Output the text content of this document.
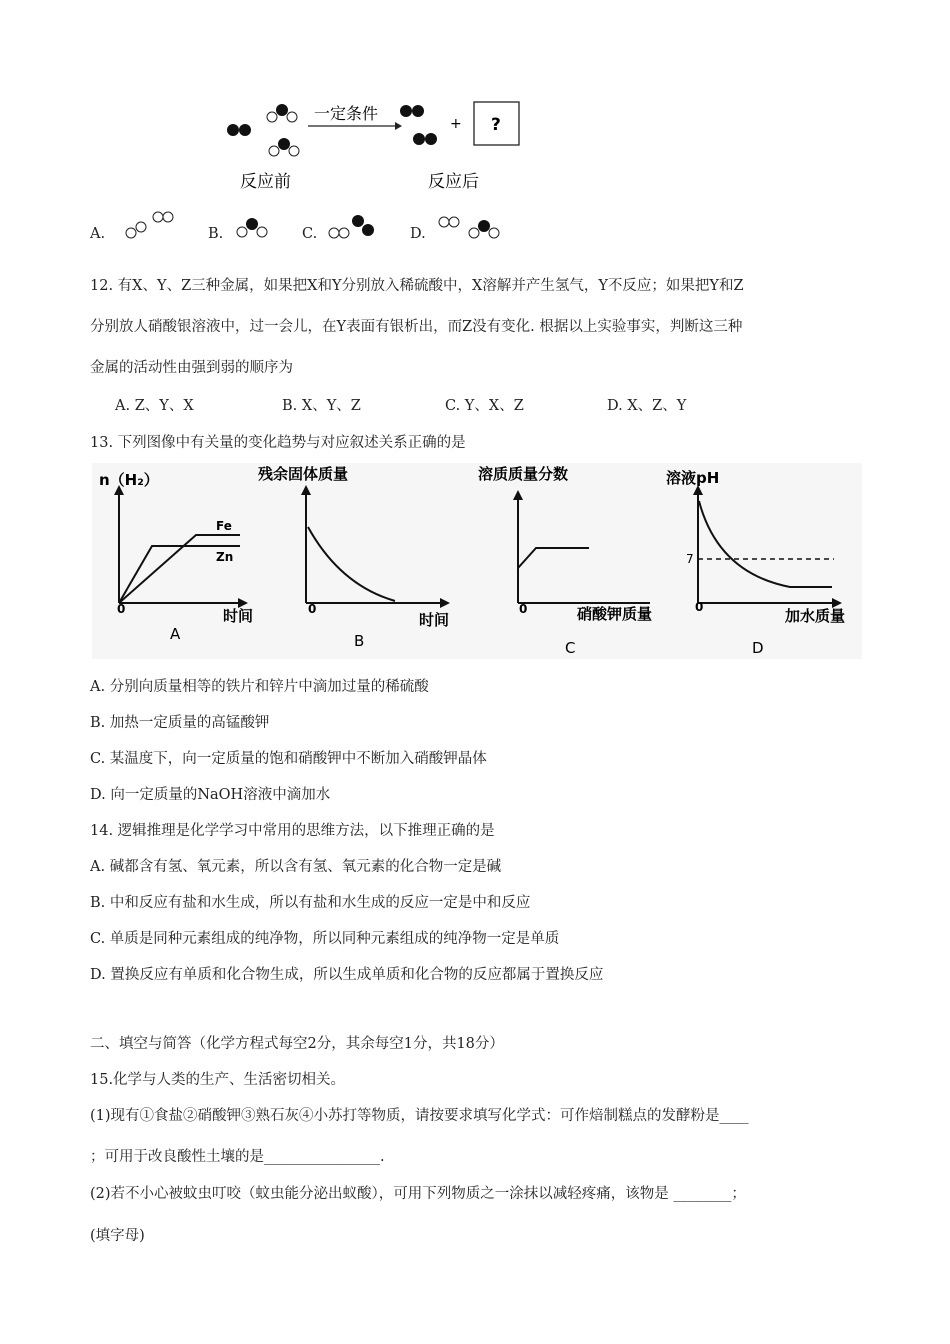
一定条件
+ ?
反应前	反应后
A.	B.	C.	D.
12. 有X、Y、Z三种金属，如果把X和Y分别放入稀硫酸中，X溶解并产生氢气，Y不反应；如果把Y和Z
分别放人硝酸银溶液中，过一会儿，在Y表面有银析出，而Z没有变化. 根据以上实验事实，判断这三种
金属的活动性由强到弱的顺序为
A. Z、Y、X	B. X、Y、Z	C. Y、X、Z	D. X、Z、Y
13. 下列图像中有关量的变化趋势与对应叙述关系正确的是
n（H₂）
Fe
Zn
0	时间
A
残余固体质量
0
时间
B
溶质质量分数
0	硝酸钾质量
C
溶液pH
7
0	加水质量
D
A. 分别向质量相等的铁片和锌片中滴加过量的稀硫酸
B. 加热一定质量的高锰酸钾
C. 某温度下，向一定质量的饱和硝酸钾中不断加入硝酸钾晶体
D. 向一定质量的NaOH溶液中滴加水
14. 逻辑推理是化学学习中常用的思维方法，以下推理正确的是
A. 碱都含有氢、氧元素，所以含有氢、氧元素的化合物一定是碱
B. 中和反应有盐和水生成，所以有盐和水生成的反应一定是中和反应
C. 单质是同种元素组成的纯净物，所以同种元素组成的纯净物一定是单质
D. 置换反应有单质和化合物生成，所以生成单质和化合物的反应都属于置换反应
二、填空与简答（化学方程式每空2分，其余每空1分，共18分）
15.化学与人类的生产、生活密切相关。
(1)现有①食盐②硝酸钾③熟石灰④小苏打等物质，请按要求填写化学式：可作焙制糕点的发酵粉是____
；可用于改良酸性土壤的是________________.
(2)若不小心被蚊虫叮咬（蚊虫能分泌出蚁酸），可用下列物质之一涂抹以减轻疼痛，该物是 ________；
(填字母)
